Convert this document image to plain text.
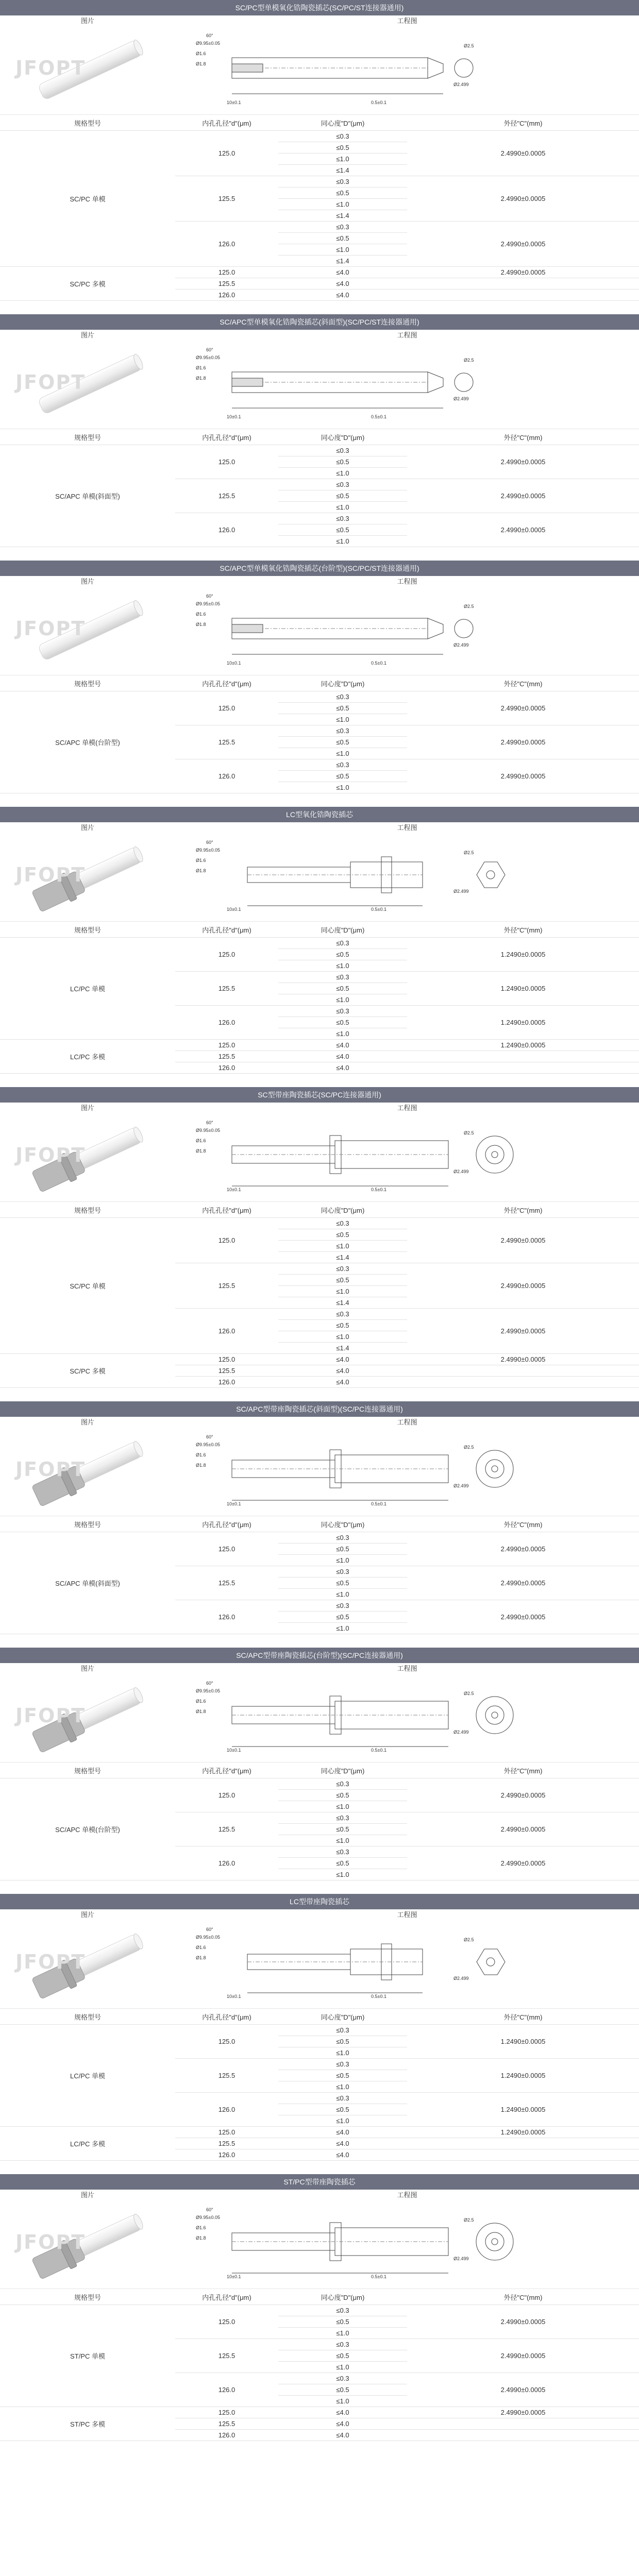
SC/PC型单模氧化锆陶瓷插芯(SC/PC/ST连接器通用)
图片	工程图
JFOPT
Ø9.95±0.05
Ø1.6
Ø1.8
10±0.1
Ø2.5
Ø2.499
60°
0.5±0.1
规格型号	内孔孔径"d"(μm)	同心度"D"(μm)	外径"C"(mm)
SC/PC 单模	125.0	≤0.3	2.4990±0.0005
		≤0.5	
		≤1.0	
		≤1.4	
	125.5	≤0.3	2.4990±0.0005
		≤0.5	
		≤1.0	
		≤1.4	
	126.0	≤0.3	2.4990±0.0005
		≤0.5	
		≤1.0	
		≤1.4	
SC/PC 多模	125.0	≤4.0	2.4990±0.0005
	125.5	≤4.0	
	126.0	≤4.0	
SC/APC型单模氧化锆陶瓷插芯(斜面型)(SC/PC/ST连接器通用)
图片	工程图
JFOPT
Ø9.95±0.05
Ø1.6
Ø1.8
10±0.1
Ø2.5
Ø2.499
60°
0.5±0.1
规格型号	内孔孔径"d"(μm)	同心度"D"(μm)	外径"C"(mm)
SC/APC 单模(斜面型)	125.0	≤0.3	2.4990±0.0005
		≤0.5	
		≤1.0	
	125.5	≤0.3	2.4990±0.0005
		≤0.5	
		≤1.0	
	126.0	≤0.3	2.4990±0.0005
		≤0.5	
		≤1.0	
SC/APC型单模氧化锆陶瓷插芯(台阶型)(SC/PC/ST连接器通用)
图片	工程图
JFOPT
Ø9.95±0.05
Ø1.6
Ø1.8
10±0.1
Ø2.5
Ø2.499
60°
0.5±0.1
规格型号	内孔孔径"d"(μm)	同心度"D"(μm)	外径"C"(mm)
SC/APC 单模(台阶型)	125.0	≤0.3	2.4990±0.0005
		≤0.5	
		≤1.0	
	125.5	≤0.3	2.4990±0.0005
		≤0.5	
		≤1.0	
	126.0	≤0.3	2.4990±0.0005
		≤0.5	
		≤1.0	
LC型氧化锆陶瓷插芯
图片	工程图
JFOPT
Ø9.95±0.05
Ø1.6
Ø1.8
10±0.1
Ø2.5
Ø2.499
60°
0.5±0.1
规格型号	内孔孔径"d"(μm)	同心度"D"(μm)	外径"C"(mm)
LC/PC 单模	125.0	≤0.3	1.2490±0.0005
		≤0.5	
		≤1.0	
	125.5	≤0.3	1.2490±0.0005
		≤0.5	
		≤1.0	
	126.0	≤0.3	1.2490±0.0005
		≤0.5	
		≤1.0	
LC/PC 多模	125.0	≤4.0	1.2490±0.0005
	125.5	≤4.0	
	126.0	≤4.0	
SC型带座陶瓷插芯(SC/PC连接器通用)
图片	工程图
JFOPT
Ø9.95±0.05
Ø1.6
Ø1.8
10±0.1
Ø2.5
Ø2.499
60°
0.5±0.1
规格型号	内孔孔径"d"(μm)	同心度"D"(μm)	外径"C"(mm)
SC/PC 单模	125.0	≤0.3	2.4990±0.0005
		≤0.5	
		≤1.0	
		≤1.4	
	125.5	≤0.3	2.4990±0.0005
		≤0.5	
		≤1.0	
		≤1.4	
	126.0	≤0.3	2.4990±0.0005
		≤0.5	
		≤1.0	
		≤1.4	
SC/PC 多模	125.0	≤4.0	2.4990±0.0005
	125.5	≤4.0	
	126.0	≤4.0	
SC/APC型带座陶瓷插芯(斜面型)(SC/PC连接器通用)
图片	工程图
JFOPT
Ø9.95±0.05
Ø1.6
Ø1.8
10±0.1
Ø2.5
Ø2.499
60°
0.5±0.1
规格型号	内孔孔径"d"(μm)	同心度"D"(μm)	外径"C"(mm)
SC/APC 单模(斜面型)	125.0	≤0.3	2.4990±0.0005
		≤0.5	
		≤1.0	
	125.5	≤0.3	2.4990±0.0005
		≤0.5	
		≤1.0	
	126.0	≤0.3	2.4990±0.0005
		≤0.5	
		≤1.0	
SC/APC型带座陶瓷插芯(台阶型)(SC/PC连接器通用)
图片	工程图
JFOPT
Ø9.95±0.05
Ø1.6
Ø1.8
10±0.1
Ø2.5
Ø2.499
60°
0.5±0.1
规格型号	内孔孔径"d"(μm)	同心度"D"(μm)	外径"C"(mm)
SC/APC 单模(台阶型)	125.0	≤0.3	2.4990±0.0005
		≤0.5	
		≤1.0	
	125.5	≤0.3	2.4990±0.0005
		≤0.5	
		≤1.0	
	126.0	≤0.3	2.4990±0.0005
		≤0.5	
		≤1.0	
LC型带座陶瓷插芯
图片	工程图
JFOPT
Ø9.95±0.05
Ø1.6
Ø1.8
10±0.1
Ø2.5
Ø2.499
60°
0.5±0.1
规格型号	内孔孔径"d"(μm)	同心度"D"(μm)	外径"C"(mm)
LC/PC 单模	125.0	≤0.3	1.2490±0.0005
		≤0.5	
		≤1.0	
	125.5	≤0.3	1.2490±0.0005
		≤0.5	
		≤1.0	
	126.0	≤0.3	1.2490±0.0005
		≤0.5	
		≤1.0	
LC/PC 多模	125.0	≤4.0	1.2490±0.0005
	125.5	≤4.0	
	126.0	≤4.0	
ST/PC型带座陶瓷插芯
图片	工程图
JFOPT
Ø9.95±0.05
Ø1.6
Ø1.8
10±0.1
Ø2.5
Ø2.499
60°
0.5±0.1
规格型号	内孔孔径"d"(μm)	同心度"D"(μm)	外径"C"(mm)
ST/PC 单模	125.0	≤0.3	2.4990±0.0005
		≤0.5	
		≤1.0	
	125.5	≤0.3	2.4990±0.0005
		≤0.5	
		≤1.0	
	126.0	≤0.3	2.4990±0.0005
		≤0.5	
		≤1.0	
ST/PC 多模	125.0	≤4.0	2.4990±0.0005
	125.5	≤4.0	
	126.0	≤4.0	
